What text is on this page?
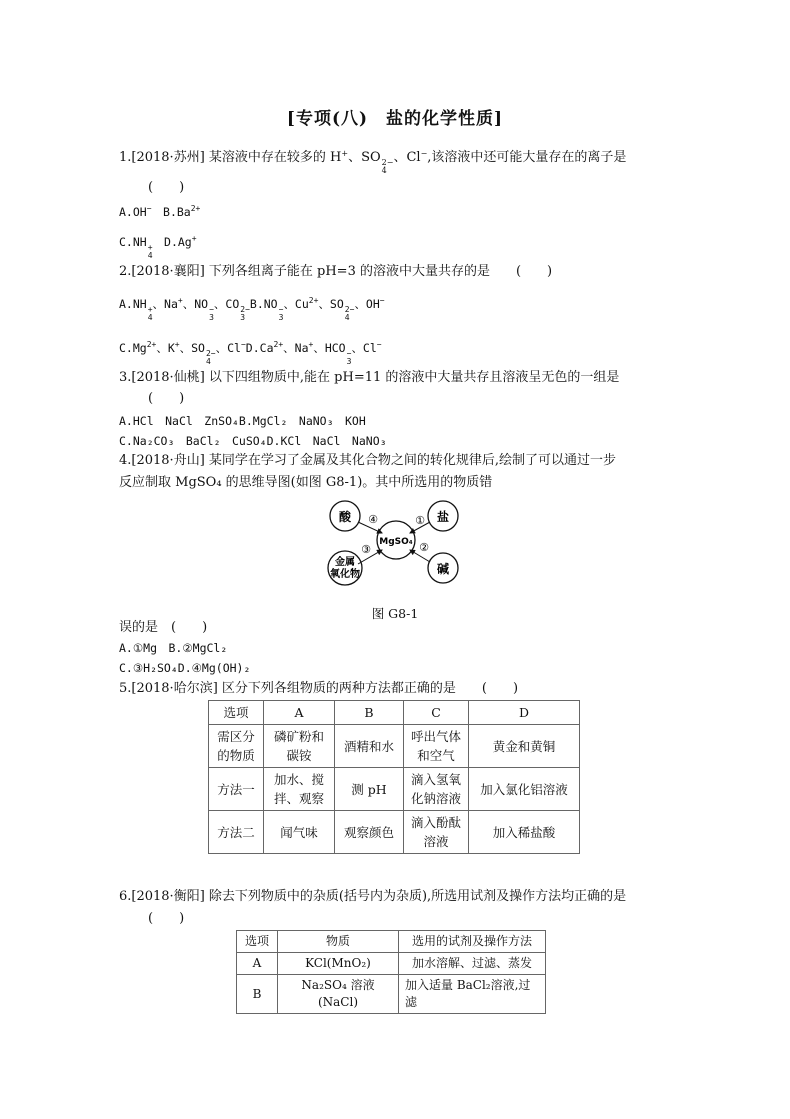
[专项(八)　盐的化学性质]
1.[2018·苏州] 某溶液中存在较多的 H+、SO 2−
4
、Cl−,该溶液中还可能大量存在的离子是
(　　)
A.OH−　 $B.Ba^{2+}$
C.NH +
4
　D.Ag+
2.[2018·襄阳] 下列各组离子能在 pH=3 的溶液中大量共存的是　　(　　)
A.NH +
4
、Na+、NO −
3
、CO 2−
3
B.NO −
3
、$Cu^{2+}$、SO 2−
4
、OH−
$C.Mg^{2+}$、K+、SO 2−
4
、$Cl^-D.Ca^{2+}$、Na+、HCO −
3
、Cl−
3.[2018·仙桃] 以下四组物质中,能在 pH=11 的溶液中大量共存且溶液呈无色的一组是
(　　)
A.HCl　NaCl　ZnSO₄B.MgCl₂　NaNO₃　KOH
C.Na₂CO₃　BaCl₂　CuSO₄D.KCl　NaCl　NaNO₃
4.[2018·舟山] 某同学在学习了金属及其化合物之间的转化规律后,绘制了可以通过一步
反应制取 MgSO₄ 的思维导图(如图 G8-1)。其中所选用的物质错
酸	盐
碱
金属
氧化物
MgSO₄
①
②
③
④
图 G8-1
误的是　(　　)
A.①Mg　B.②MgCl₂
C.③H₂SO₄D.④Mg(OH)₂
5.[2018·哈尔滨] 区分下列各组物质的两种方法都正确的是　　(　　)
选项	A	B	C	D
需区分的物质	磷矿粉和碳铵	酒精和水	呼出气体和空气	黄金和黄铜
方法一	加水、搅拌、观察	测 pH	滴入氢氧化钠溶液	加入氯化铝溶液
方法二	闻气味	观察颜色	滴入酚酞溶液	加入稀盐酸
6.[2018·衡阳] 除去下列物质中的杂质(括号内为杂质),所选用试剂及操作方法均正确的是
(　　)
选项	物质	选用的试剂及操作方法
A	KCl(MnO₂)	加水溶解、过滤、蒸发
B	Na₂SO₄ 溶液(NaCl)	加入适量 BaCl₂溶液,过滤
